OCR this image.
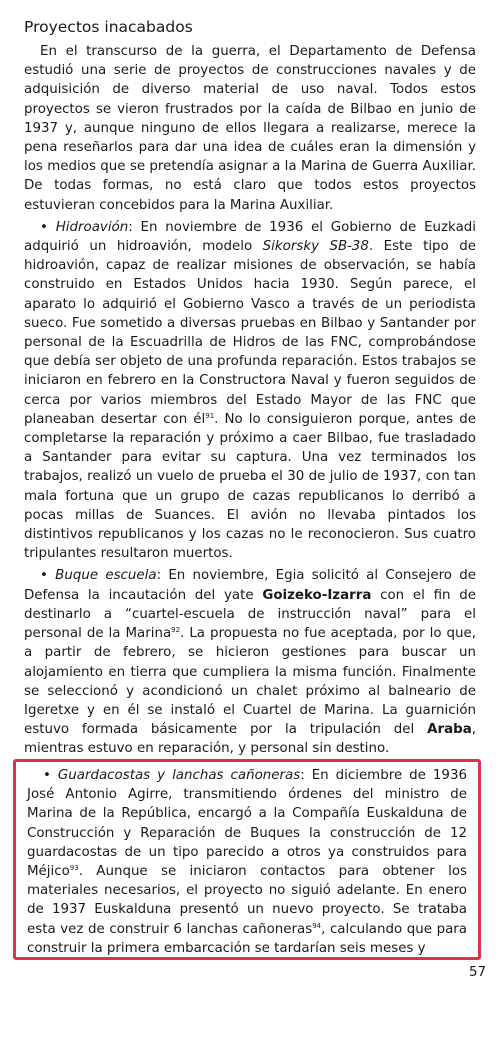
Proyectos inacabados

En el transcurso de la guerra, el Departamento de Defensa estudió una serie de proyectos de construcciones navales y de adquisición de diverso material de uso naval. Todos estos proyectos se vieron frustrados por la caída de Bilbao en junio de 1937 y, aunque ninguno de ellos llegara a realizarse, merece la pena reseñarlos para dar una idea de cuáles eran la dimensión y los medios que se pretendía asignar a la Marina de Guerra Auxiliar. De todas formas, no está claro que todos estos proyectos estuvieran concebidos para la Marina Auxiliar.

• Hidroavión: En noviembre de 1936 el Gobierno de Euzkadi adquirió un hidroavión, modelo Sikorsky SB-38. Este tipo de hidroavión, capaz de realizar misiones de observación, se había construido en Estados Unidos hacia 1930. Según parece, el aparato lo adquirió el Gobierno Vasco a través de un periodista sueco. Fue sometido a diversas pruebas en Bilbao y Santander por personal de la Escuadrilla de Hidros de las FNC, comprobándose que debía ser objeto de una profunda reparación. Estos trabajos se iniciaron en febrero en la Constructora Naval y fueron seguidos de cerca por varios miembros del Estado Mayor de las FNC que planeaban desertar con $él^{91}$. No lo consiguieron porque, antes de completarse la reparación y próximo a caer Bilbao, fue trasladado a Santander para evitar su captura. Una vez terminados los trabajos, realizó un vuelo de prueba el 30 de julio de 1937, con tan mala fortuna que un grupo de cazas republicanos lo derribó a pocas millas de Suances. El avión no llevaba pintados los distintivos republicanos y los cazas no le reconocieron. Sus cuatro tripulantes resultaron muertos.

• Buque escuela: En noviembre, Egia solicitó al Consejero de Defensa la incautación del yate Goizeko-Izarra con el fin de destinarlo a “cuartel-escuela de instrucción naval” para el personal de la Marina$^{92}$. La propuesta no fue aceptada, por lo que, a partir de febrero, se hicieron gestiones para buscar un alojamiento en tierra que cumpliera la misma función. Finalmente se seleccionó y acondicionó un chalet próximo al balneario de Igeretxe y en él se instaló el Cuartel de Marina. La guarnición estuvo formada básicamente por la tripulación del Araba, mientras estuvo en reparación, y personal sin destino.

• Guardacostas y lanchas cañoneras: En diciembre de 1936 José Antonio Agirre, transmitiendo órdenes del ministro de Marina de la República, encargó a la Compañía Euskalduna de Construcción y Reparación de Buques la construcción de 12 guardacostas de un tipo parecido a otros ya construidos para Méjico$^{93}$. Aunque se iniciaron contactos para obtener los materiales necesarios, el proyecto no siguió adelante. En enero de 1937 Euskalduna presentó un nuevo proyecto. Se trataba esta vez de construir 6 lanchas cañoneras$^{94}$, calculando que para construir la primera embarcación se tardarían seis meses y

57
